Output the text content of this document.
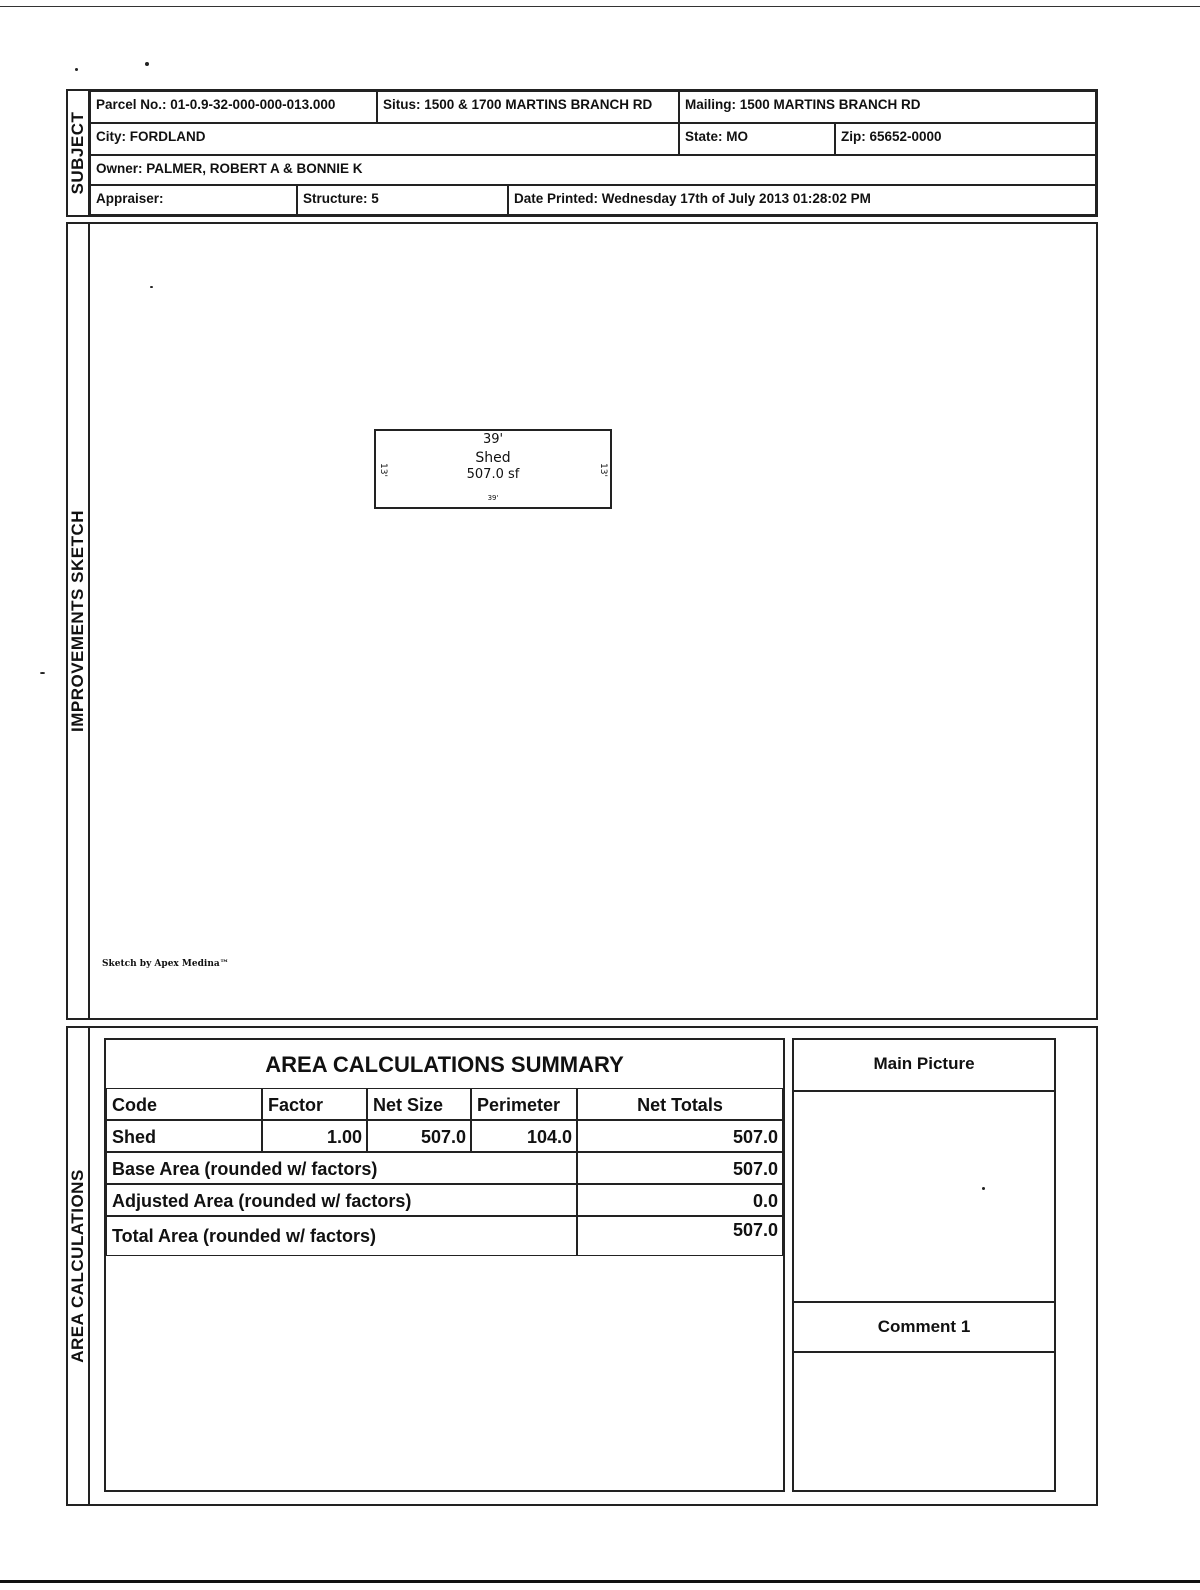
SUBJECT
Parcel No.: 01-0.9-32-000-000-013.000	Situs: 1500 & 1700 MARTINS BRANCH RD	Mailing: 1500 MARTINS BRANCH RD
City: FORDLAND	State: MO	Zip: 65652-0000
Owner: PALMER, ROBERT A & BONNIE K
Appraiser:	Structure: 5	Date Printed: Wednesday 17th of July 2013 01:28:02 PM
IMPROVEMENTS SKETCH
39'
Shed
507.0 sf
13'	13'
39'
Sketch by Apex Medina™
AREA CALCULATIONS
AREA CALCULATIONS SUMMARY
Code	Factor	Net Size	Perimeter	Net Totals
Shed	1.00	507.0	104.0	507.0
Base Area (rounded w/ factors)	507.0
Adjusted Area (rounded w/ factors)	0.0
Total Area (rounded w/ factors)	507.0
Main Picture
Comment 1
